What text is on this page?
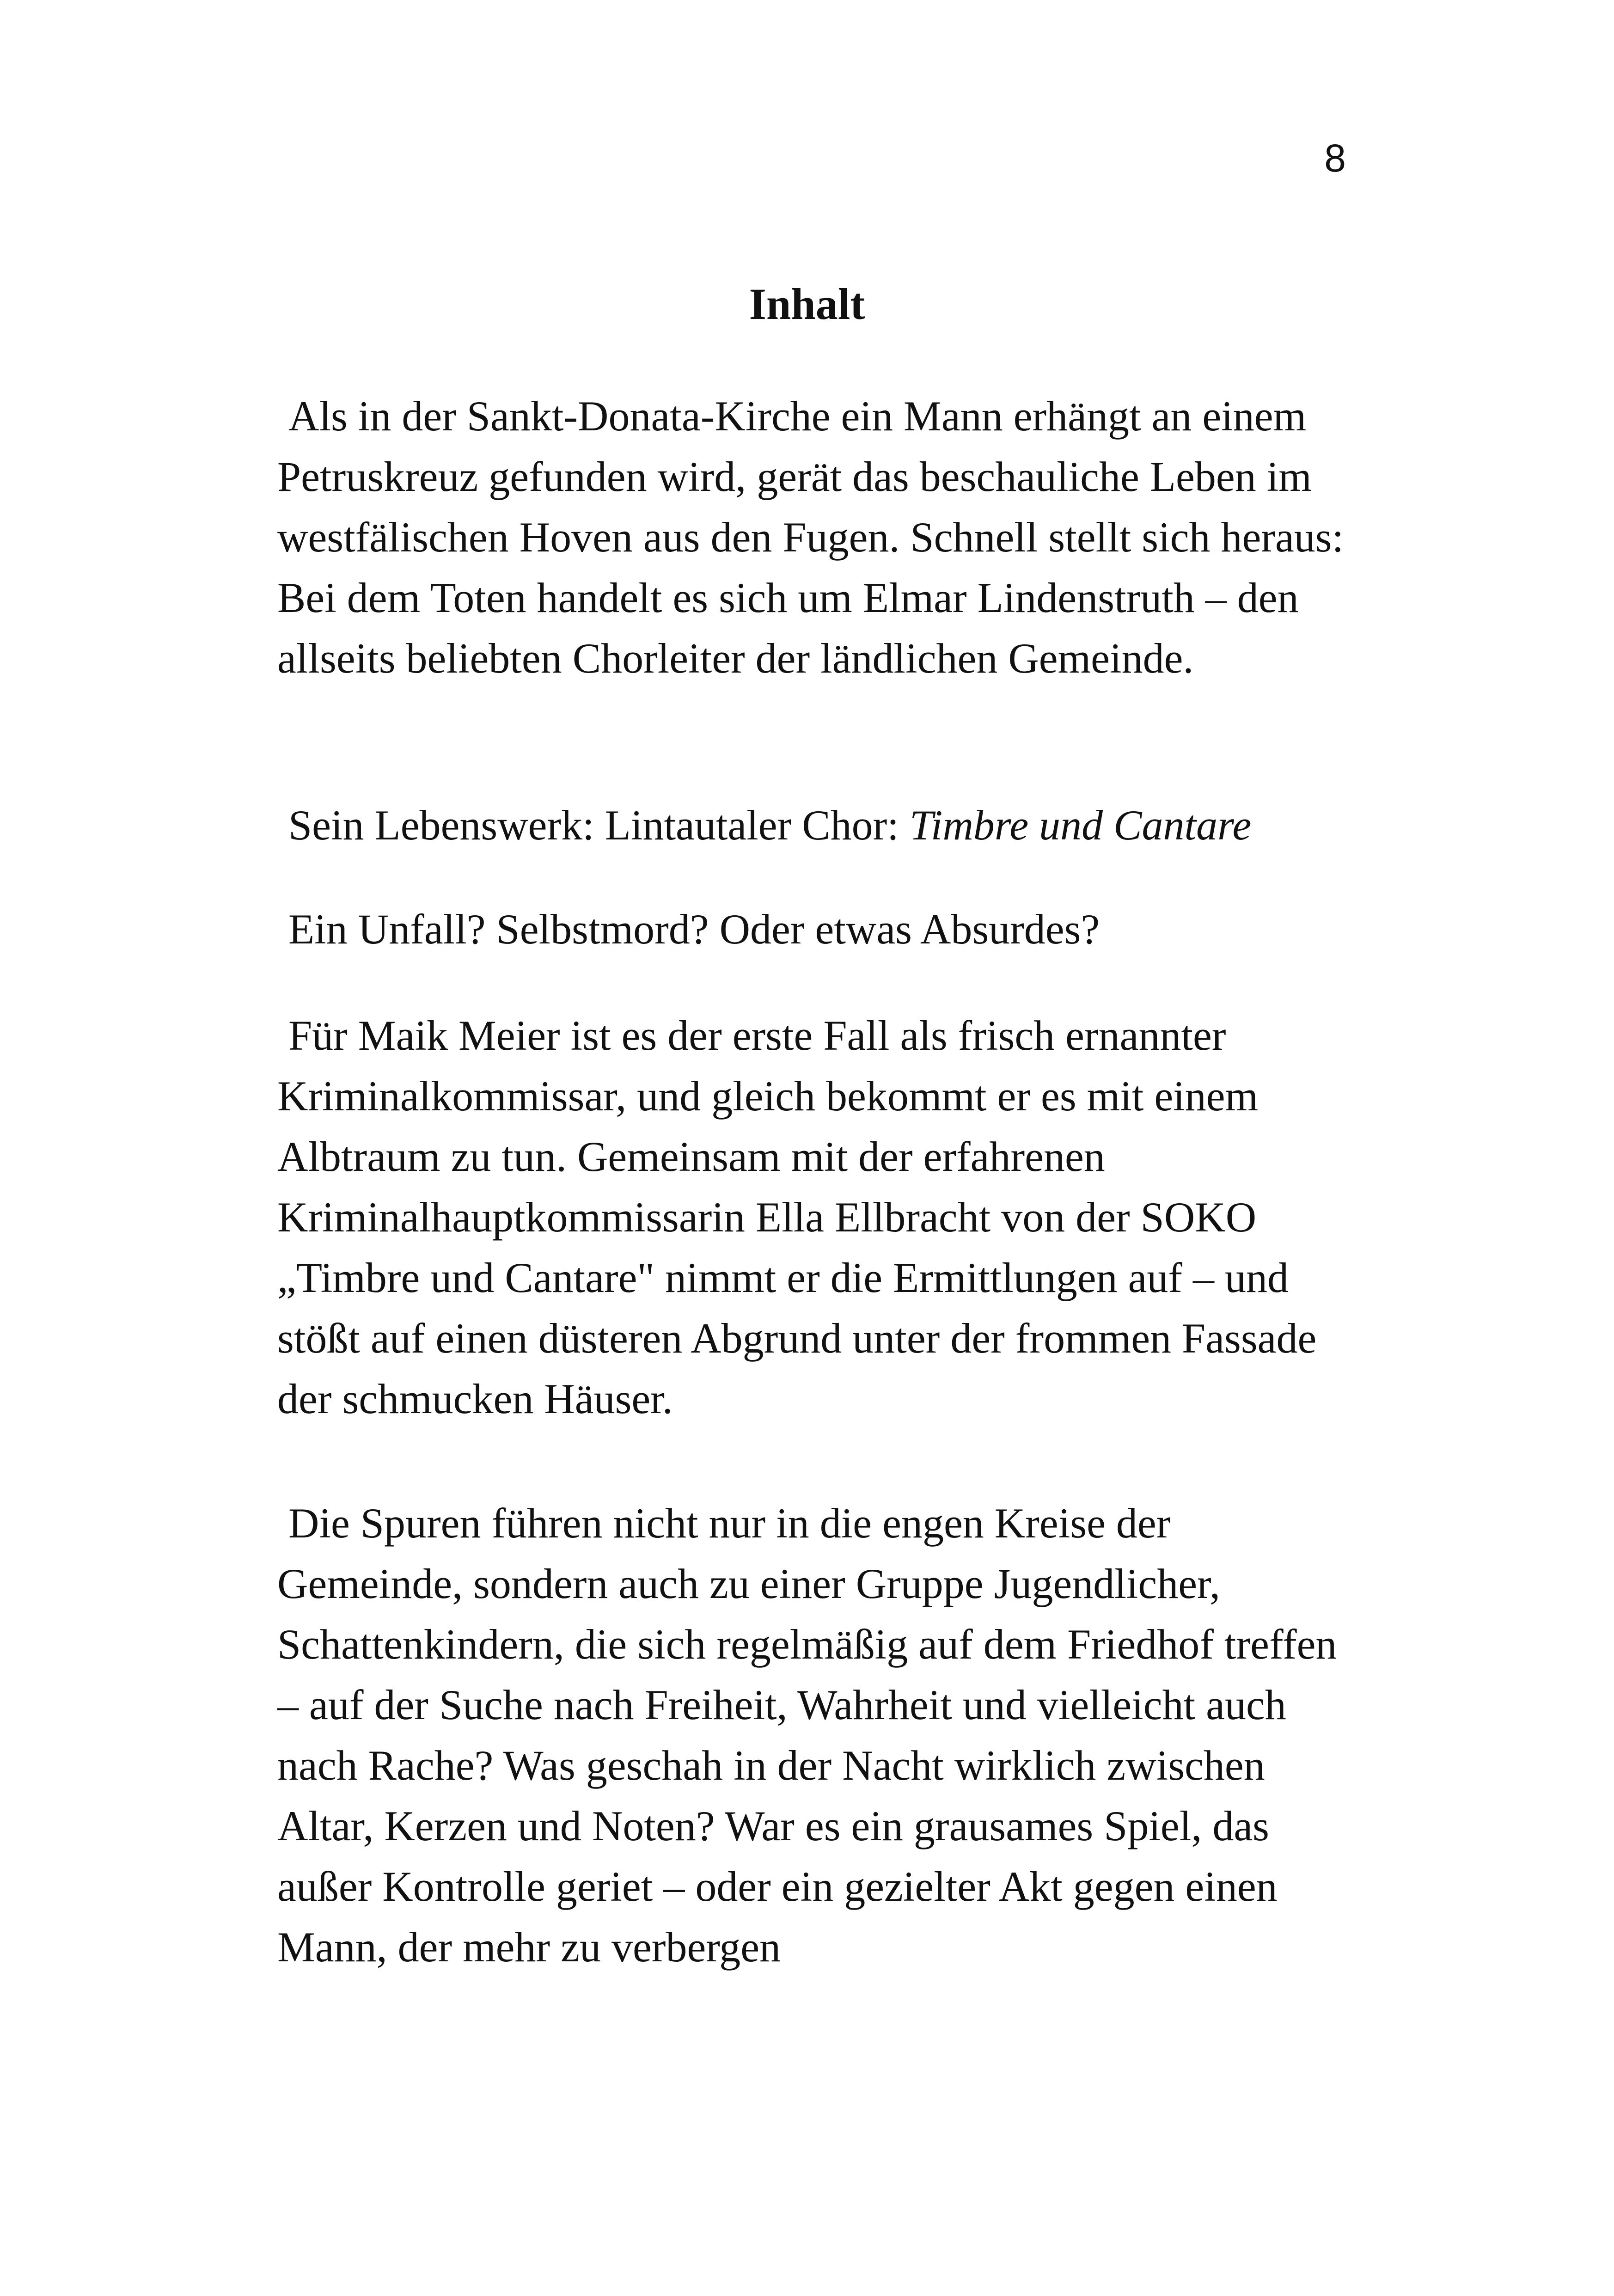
8
Inhalt

Als in der Sankt-Donata-Kirche ein Mann erhängt an einem Petruskreuz gefunden wird, gerät das beschauliche Leben im westfälischen Hoven aus den Fugen. Schnell stellt sich heraus: Bei dem Toten handelt es sich um Elmar Lindenstruth – den allseits beliebten Chorleiter der ländlichen Gemeinde.

Sein Lebenswerk: Lintautaler Chor: Timbre und Cantare

Ein Unfall? Selbstmord? Oder etwas Absurdes?

Für Maik Meier ist es der erste Fall als frisch ernannter Kriminalkommissar, und gleich bekommt er es mit einem Albtraum zu tun. Gemeinsam mit der erfahrenen Kriminalhauptkommissarin Ella Ellbracht von der SOKO „Timbre und Cantare" nimmt er die Ermittlungen auf – und stößt auf einen düsteren Abgrund unter der frommen Fassade der schmucken Häuser.

Die Spuren führen nicht nur in die engen Kreise der Gemeinde, sondern auch zu einer Gruppe Jugendlicher, Schattenkindern, die sich regelmäßig auf dem Friedhof treffen – auf der Suche nach Freiheit, Wahrheit und vielleicht auch nach Rache? Was geschah in der Nacht wirklich zwischen Altar, Kerzen und Noten? War es ein grausames Spiel, das außer Kontrolle geriet – oder ein gezielter Akt gegen einen Mann, der mehr zu verbergen
